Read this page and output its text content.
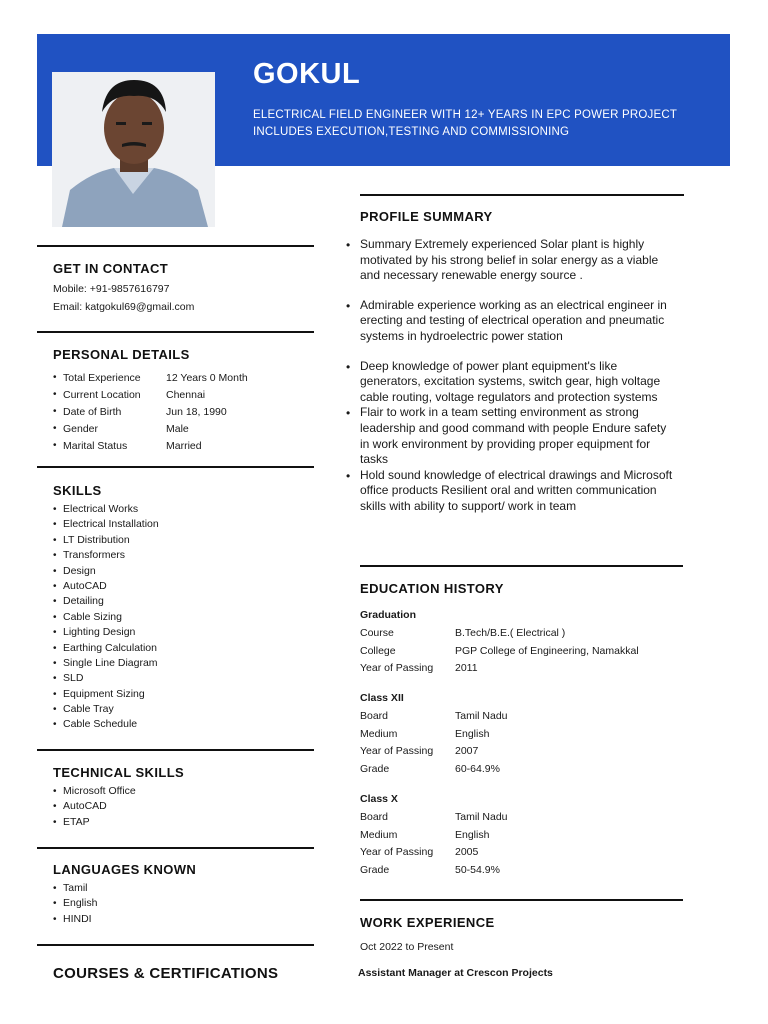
GOKUL
ELECTRICAL FIELD ENGINEER WITH 12+ YEARS IN EPC POWER PROJECT INCLUDES EXECUTION,TESTING AND COMMISSIONING
GET IN CONTACT
Mobile: +91-9857616797
Email: katgokul69@gmail.com
PERSONAL DETAILS
• Total Experience 12 Years 0 Month
• Current Location Chennai
• Date of Birth	Jun 18, 1990
• Gender	Male
• Marital Status	Married
SKILLS
• Electrical Works
• Electrical Installation
• LT Distribution
• Transformers
• Design
• AutoCAD
• Detailing
• Cable Sizing
• Lighting Design
• Earthing Calculation
• Single Line Diagram
• SLD
• Equipment Sizing
• Cable Tray
• Cable Schedule
TECHNICAL SKILLS
• Microsoft Office
• AutoCAD
• ETAP
LANGUAGES KNOWN
• Tamil
• English
• HINDI
COURSES & CERTIFICATIONS
PROFILE SUMMARY
• Summary Extremely experienced Solar plant is highly motivated by his strong belief in solar energy as a viable and necessary renewable energy source .
• Admirable experience working as an electrical engineer in erecting and testing of electrical operation and pneumatic systems in hydroelectric power station
• Deep knowledge of power plant equipment's like generators, excitation systems, switch gear, high voltage cable routing, voltage regulators and protection systems
• Flair to work in a team setting environment as strong leadership and good command with people Endure safety in work environment by providing proper equipment for tasks
• Hold sound knowledge of electrical drawings and Microsoft office products Resilient oral and written communication skills with ability to support/ work in team
EDUCATION HISTORY
Graduation
Course	B.Tech/B.E.( Electrical )
College	PGP College of Engineering, Namakkal
Year of Passing 2011
Class XII
Board	Tamil Nadu
Medium	English
Year of Passing 2007
Grade	60-64.9%
Class X
Board	Tamil Nadu
Medium	English
Year of Passing 2005
Grade	50-54.9%
WORK EXPERIENCE
Oct 2022 to Present
Assistant Manager at Crescon Projects
